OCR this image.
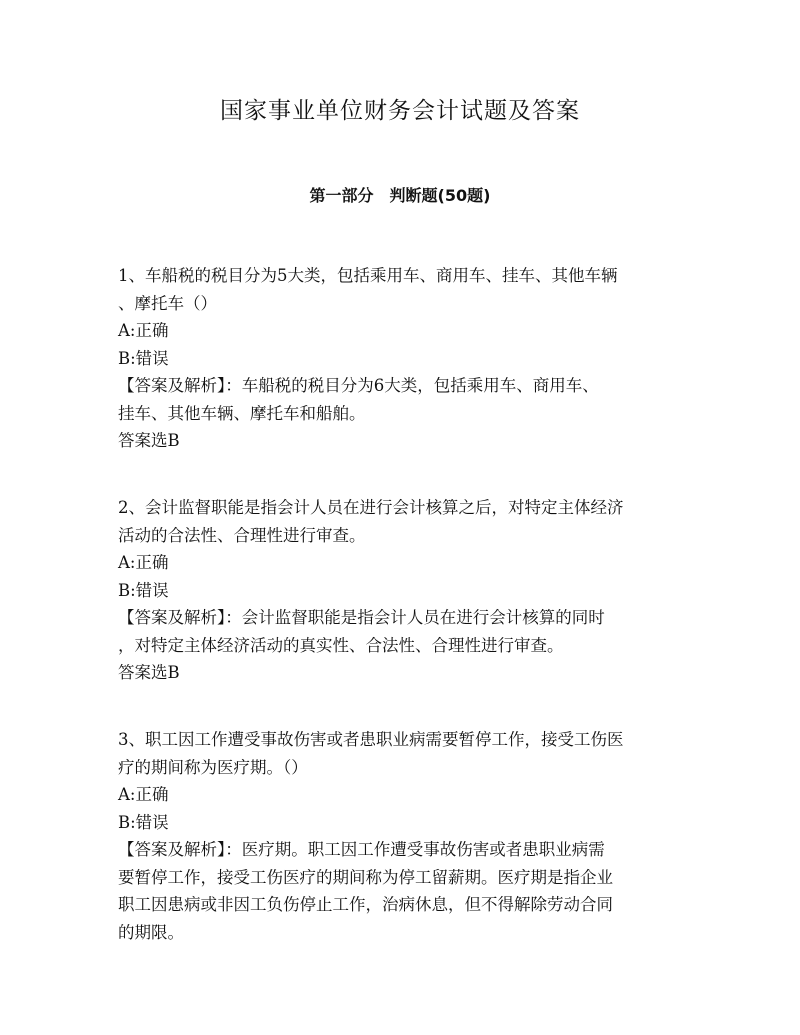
国家事业单位财务会计试题及答案
第一部分　判断题(50题)

1、车船税的税目分为5大类，包括乘用车、商用车、挂车、其他车辆

、摩托车（）

A:正确

B:错误

【答案及解析】：车船税的税目分为6大类，包括乘用车、商用车、

挂车、其他车辆、摩托车和船舶。

答案选B

2、会计监督职能是指会计人员在进行会计核算之后，对特定主体经济

活动的合法性、合理性进行审查。

A:正确

B:错误

【答案及解析】：会计监督职能是指会计人员在进行会计核算的同时

，对特定主体经济活动的真实性、合法性、合理性进行审查。

答案选B

3、职工因工作遭受事故伤害或者患职业病需要暂停工作，接受工伤医

疗的期间称为医疗期。（）

A:正确

B:错误

【答案及解析】：医疗期。职工因工作遭受事故伤害或者患职业病需

要暂停工作，接受工伤医疗的期间称为停工留薪期。医疗期是指企业

职工因患病或非因工负伤停止工作，治病休息，但不得解除劳动合同

的期限。
